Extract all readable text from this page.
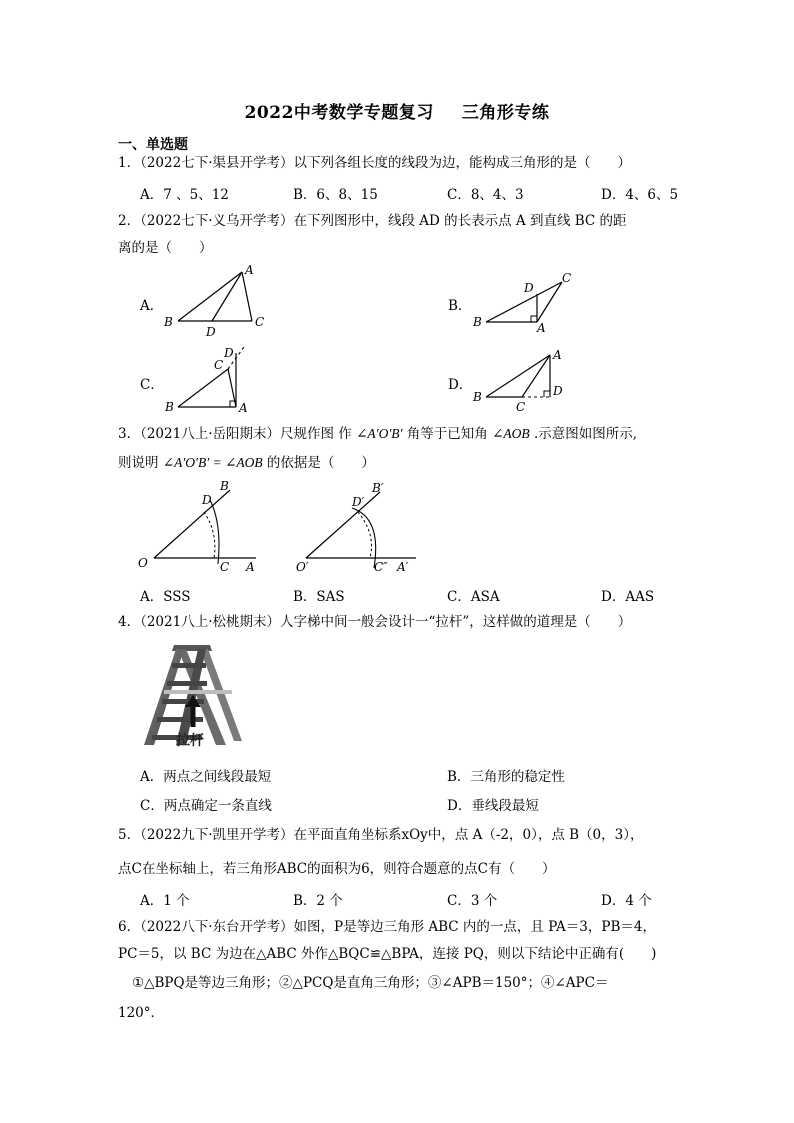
2022中考数学专题复习 三角形专练
一、单选题
1．（2022七下·渠县开学考）以下列各组长度的线段为边，能构成三角形的是（　　）
A．7 、5、12	B．6、8、15	C．8、4、3	D．4、6、5
2．（2022七下·义乌开学考）在下列图形中，线段 AD 的长表示点 A 到直线 BC 的距
离的是（　　）
A．
B
D
C
A
B．
B
D
C
A
C．
B
C
D
A
D．
B
C
A
D
3．（2021八上·岳阳期末）尺规作图 作 ∠A′O′B′ 角等于已知角 ∠AOB .示意图如图所示,
则说明 ∠A′O′B′ = ∠AOB 的依据是（　　）
O	C A
D
B
O′	C″ A′
D′
B′
A．SSS	B．SAS	C．ASA	D．AAS
4．（2021八上·松桃期末）人字梯中间一般会设计一“拉杆”，这样做的道理是（　　）
拉杆
A．两点之间线段最短	B．三角形的稳定性
C．两点确定一条直线	D．垂线段最短
5．（2022九下·凯里开学考）在平面直角坐标系xOy中，点 A（-2，0），点 B（0，3），
点C在坐标轴上，若三角形ABC的面积为6，则符合题意的点C有（　　）
A．1 个	B．2 个	C．3 个	D．4 个
6．（2022八下·东台开学考）如图，P是等边三角形 ABC 内的一点，且 PA＝3，PB＝4，
PC＝5，以 BC 为边在△ABC 外作△BQC≌△BPA，连接 PQ，则以下结论中正确有(　　)
①△BPQ是等边三角形；②△PCQ是直角三角形；③∠APB＝150°；④∠APC＝
120°．
